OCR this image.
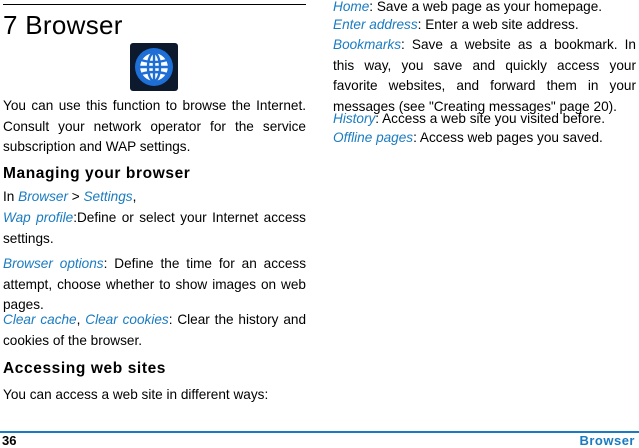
7 Browser

You can use this function to browse the Internet. Consult your network operator for the service subscription and WAP settings.

Managing your browser
In Browser > Settings,
Wap profile:Define or select your Internet access settings.
Browser options: Define the time for an access attempt, choose whether to show images on web pages.
Clear cache, Clear cookies: Clear the history and cookies of the browser.
Accessing web sites

You can access a web site in different ways:

Home: Save a web page as your homepage.
Enter address: Enter a web site address.
Bookmarks: Save a website as a bookmark. In this way, you save and quickly access your favorite websites, and forward them in your messages (see "Creating messages" page 20).
History: Access a web site you visited before.
Offline pages: Access web pages you saved.
36	Browser
